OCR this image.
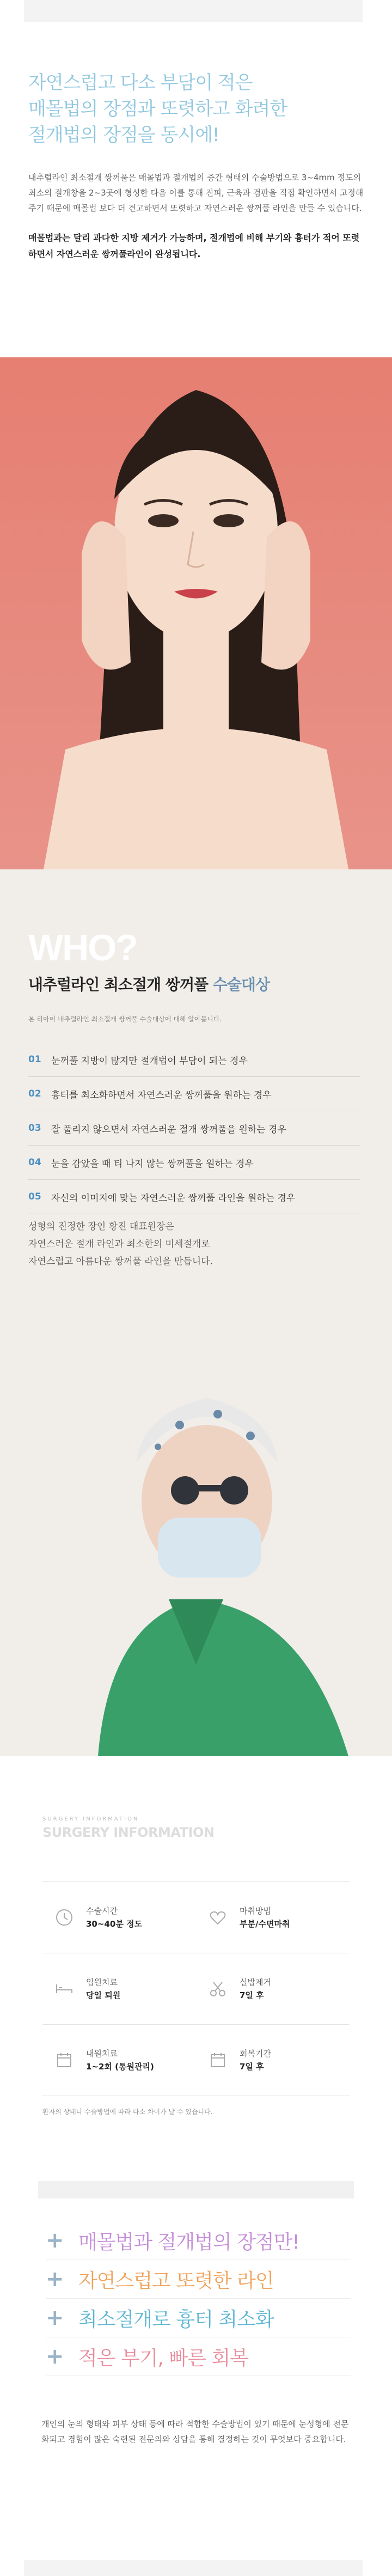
자연스럽고 다소 부담이 적은
매몰법의 장점과 또렷하고 화려한
절개법의 장점을 동시에!
내추럴라인 최소절개 쌍꺼풀은 매몰법과 절개법의 중간 형태의 수술방법으로 3~4mm 정도의 최소의 절개창을 2~3곳에 형성한 다음 이를 통해 진피, 근육과 검판을 직접 확인하면서 고정해 주기 때문에 매몰법 보다 더 견고하면서 또렷하고 자연스러운 쌍꺼풀 라인을 만들 수 있습니다.
매몰법과는 달리 과다한 지방 제거가 가능하며, 절개법에 비해 부기와 흉터가 적어 또렷하면서 자연스러운 쌍꺼풀라인이 완성됩니다.
WHO?
내추럴라인 최소절개 쌍꺼풀 수술대상
본 리아이 내추럴라인 최소절개 쌍꺼풀 수술대상에 대해 알아봅니다.
01	눈꺼풀 지방이 많지만 절개법이 부담이 되는 경우
02	흉터를 최소화하면서 자연스러운 쌍꺼풀을 원하는 경우
03	잘 풀리지 않으면서 자연스러운 절개 쌍꺼풀을 원하는 경우
04	눈을 감았을 때 티 나지 않는 쌍꺼풀을 원하는 경우
05	자신의 이미지에 맞는 자연스러운 쌍꺼풀 라인을 원하는 경우
성형의 진정한 장인 황진 대표원장은
자연스러운 절개 라인과 최소한의 미세절개로
자연스럽고 아름다운 쌍꺼풀 라인을 만듭니다.
SURGERY INFORMATION
SURGERY INFORMATION
수술시간
30~40분 정도
마취방법
부분/수면마취
입원치료
당일 퇴원
실밥제거
7일 후
내원치료
1~2회 (통원관리)
회복기간
7일 후
환자의 상태나 수술방법에 따라 다소 차이가 날 수 있습니다.
+ 매몰법과 절개법의 장점만!
+ 자연스럽고 또렷한 라인
+ 최소절개로 흉터 최소화
+ 적은 부기, 빠른 회복
개인의 눈의 형태와 피부 상태 등에 따라 적합한 수술방법이 있기 때문에 눈성형에 전문화되고 경험이 많은 숙련된 전문의와 상담을 통해 결정하는 것이 무엇보다 중요합니다.
